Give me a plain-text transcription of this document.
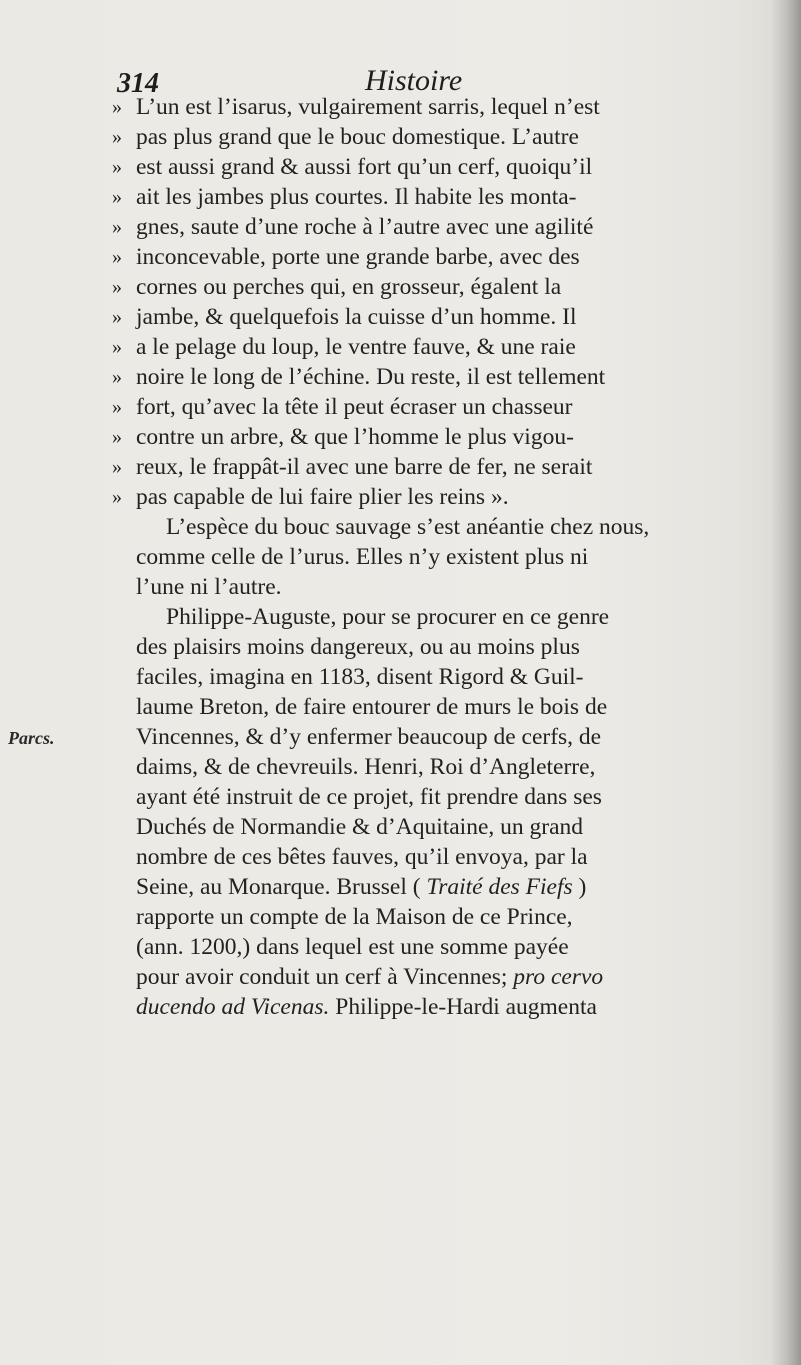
314	Histoire
Parcs.
» L’un est l’isarus, vulgairement sarris, lequel n’est
» pas plus grand que le bouc domestique. L’autre
» est aussi grand & aussi fort qu’un cerf, quoiqu’il
» ait les jambes plus courtes. Il habite les monta-
» gnes, saute d’une roche à l’autre avec une agilité
» inconcevable, porte une grande barbe, avec des
» cornes ou perches qui, en grosseur, égalent la
» jambe, & quelquefois la cuisse d’un homme. Il
» a le pelage du loup, le ventre fauve, & une raie
» noire le long de l’échine. Du reste, il est tellement
» fort, qu’avec la tête il peut écraser un chasseur
» contre un arbre, & que l’homme le plus vigou-
» reux, le frappât-il avec une barre de fer, ne serait
» pas capable de lui faire plier les reins ».
L’espèce du bouc sauvage s’est anéantie chez nous,
comme celle de l’urus. Elles n’y existent plus ni
l’une ni l’autre.
Philippe-Auguste, pour se procurer en ce genre
des plaisirs moins dangereux, ou au moins plus
faciles, imagina en 1183, disent Rigord & Guil-
laume Breton, de faire entourer de murs le bois de
Vincennes, & d’y enfermer beaucoup de cerfs, de
daims, & de chevreuils. Henri, Roi d’Angleterre,
ayant été instruit de ce projet, fit prendre dans ses
Duchés de Normandie & d’Aquitaine, un grand
nombre de ces bêtes fauves, qu’il envoya, par la
Seine, au Monarque. Brussel ( Traité des Fiefs )
rapporte un compte de la Maison de ce Prince,
(ann. 1200,) dans lequel est une somme payée
pour avoir conduit un cerf à Vincennes; pro cervo
ducendo ad Vicenas. Philippe-le-Hardi augmenta
